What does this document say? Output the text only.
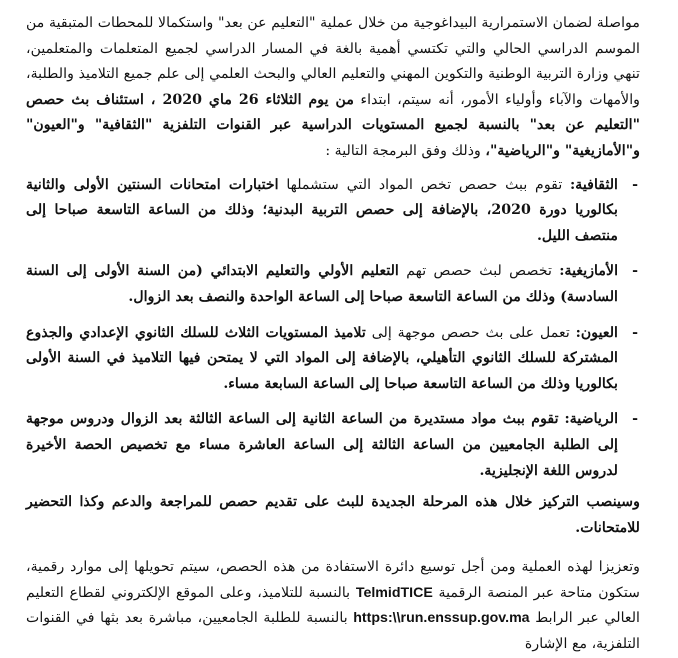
مواصلة لضمان الاستمرارية البيداغوجية من خلال عملية "التعليم عن بعد" واستكمالا للمحطات المتبقية من الموسم الدراسي الحالي والتي تكتسي أهمية بالغة في المسار الدراسي لجميع المتعلمات والمتعلمين، تنهي وزارة التربية الوطنية والتكوين المهني والتعليم العالي والبحث العلمي إلى علم جميع التلاميذ والطلبة، والأمهات والآباء وأولياء الأمور، أنه سيتم، ابتداء من يوم الثلاثاء 26 ماي 2020 ، استئناف بث حصص "التعليم عن بعد" بالنسبة لجميع المستويات الدراسية عبر القنوات التلفزية "الثقافية" و"العيون" و"الأمازيغية" و"الرياضية"، وذلك وفق البرمجة التالية :

-
الثقافية: تقوم ببث حصص تخص المواد التي ستشملها اختبارات امتحانات السنتين الأولى والثانية بكالوريا دورة 2020، بالإضافة إلى حصص التربية البدنية؛ وذلك من الساعة التاسعة صباحا إلى منتصف الليل.
-
الأمازيغية: تخصص لبث حصص تهم التعليم الأولي والتعليم الابتدائي (من السنة الأولى إلى السنة السادسة) وذلك من الساعة التاسعة صباحا إلى الساعة الواحدة والنصف بعد الزوال.
-
العيون: تعمل على بث حصص موجهة إلى تلاميذ المستويات الثلاث للسلك الثانوي الإعدادي والجذوع المشتركة للسلك الثانوي التأهيلي، بالإضافة إلى المواد التي لا يمتحن فيها التلاميذ في السنة الأولى بكالوريا وذلك من الساعة التاسعة صباحا إلى الساعة السابعة مساء.
-
الرياضية: تقوم ببث مواد مستديرة من الساعة الثانية إلى الساعة الثالثة بعد الزوال ودروس موجهة إلى الطلبة الجامعيين من الساعة الثالثة إلى الساعة العاشرة مساء مع تخصيص الحصة الأخيرة لدروس اللغة الإنجليزية.

وسينصب التركيز خلال هذه المرحلة الجديدة للبث على تقديم حصص للمراجعة والدعم وكذا التحضير للامتحانات.

وتعزيزا لهذه العملية ومن أجل توسيع دائرة الاستفادة من هذه الحصص، سيتم تحويلها إلى موارد رقمية، ستكون متاحة عبر المنصة الرقمية TelmidTICE بالنسبة للتلاميذ، وعلى الموقع الإلكتروني لقطاع التعليم العالي عبر الرابط https:\\run.enssup.gov.ma بالنسبة للطلبة الجامعيين، مباشرة بعد بثها في القنوات التلفزية، مع الإشارة
